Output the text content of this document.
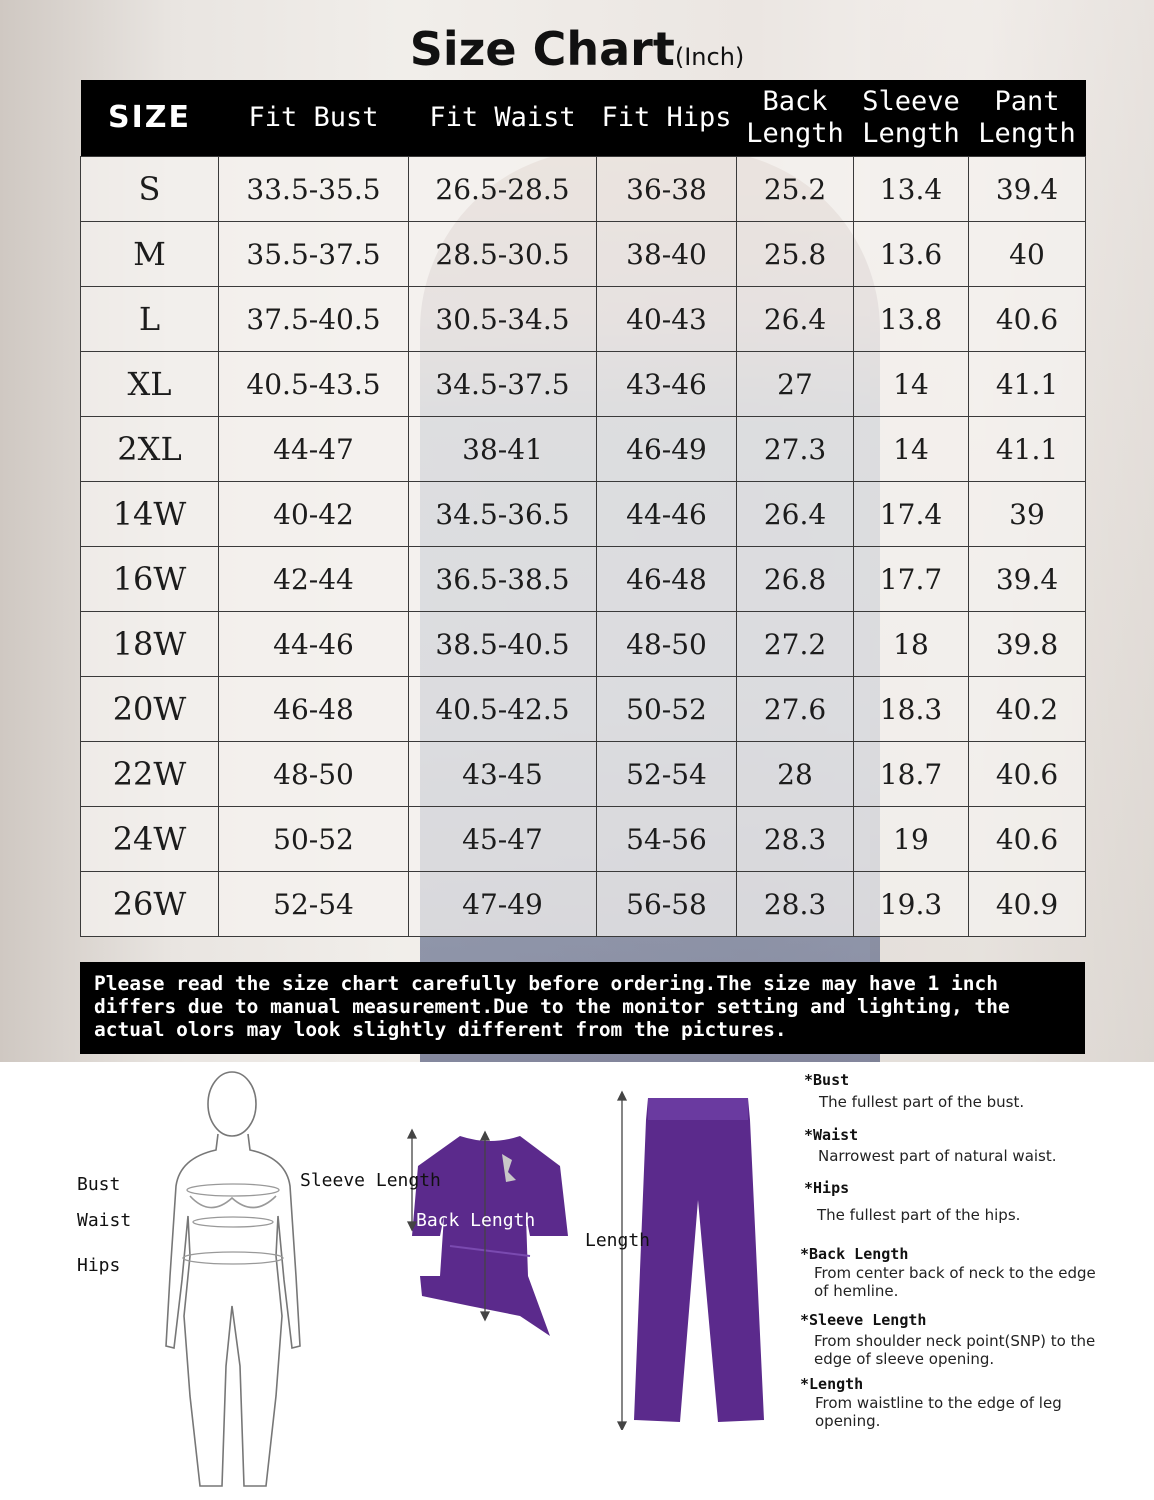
Size Chart(Inch)
SIZE	Fit Bust	Fit Waist	Fit Hips	Back Length	Sleeve Length	Pant Length
S	33.5-35.5	26.5-28.5	36-38	25.2	13.4	39.4
M	35.5-37.5	28.5-30.5	38-40	25.8	13.6	40
L	37.5-40.5	30.5-34.5	40-43	26.4	13.8	40.6
XL	40.5-43.5	34.5-37.5	43-46	27	14	41.1
2XL	44-47	38-41	46-49	27.3	14	41.1
14W	40-42	34.5-36.5	44-46	26.4	17.4	39
16W	42-44	36.5-38.5	46-48	26.8	17.7	39.4
18W	44-46	38.5-40.5	48-50	27.2	18	39.8
20W	46-48	40.5-42.5	50-52	27.6	18.3	40.2
22W	48-50	43-45	52-54	28	18.7	40.6
24W	50-52	45-47	54-56	28.3	19	40.6
26W	52-54	47-49	56-58	28.3	19.3	40.9
Please read the size chart carefully before ordering.The size may have 1 inch differs due to manual measurement.Due to the monitor setting and lighting, the actual olors may look slightly different from the pictures.
Bust
Waist
Hips
Sleeve Length
Back Length
Length
*Bust
The fullest part of the bust.
*Waist
Narrowest part of natural waist.
*Hips
The fullest part of the hips.
*Back Length
From center back of neck to the edge of hemline.
*Sleeve Length
From shoulder neck point(SNP) to the edge of sleeve opening.
*Length
From waistline to the edge of leg opening.
